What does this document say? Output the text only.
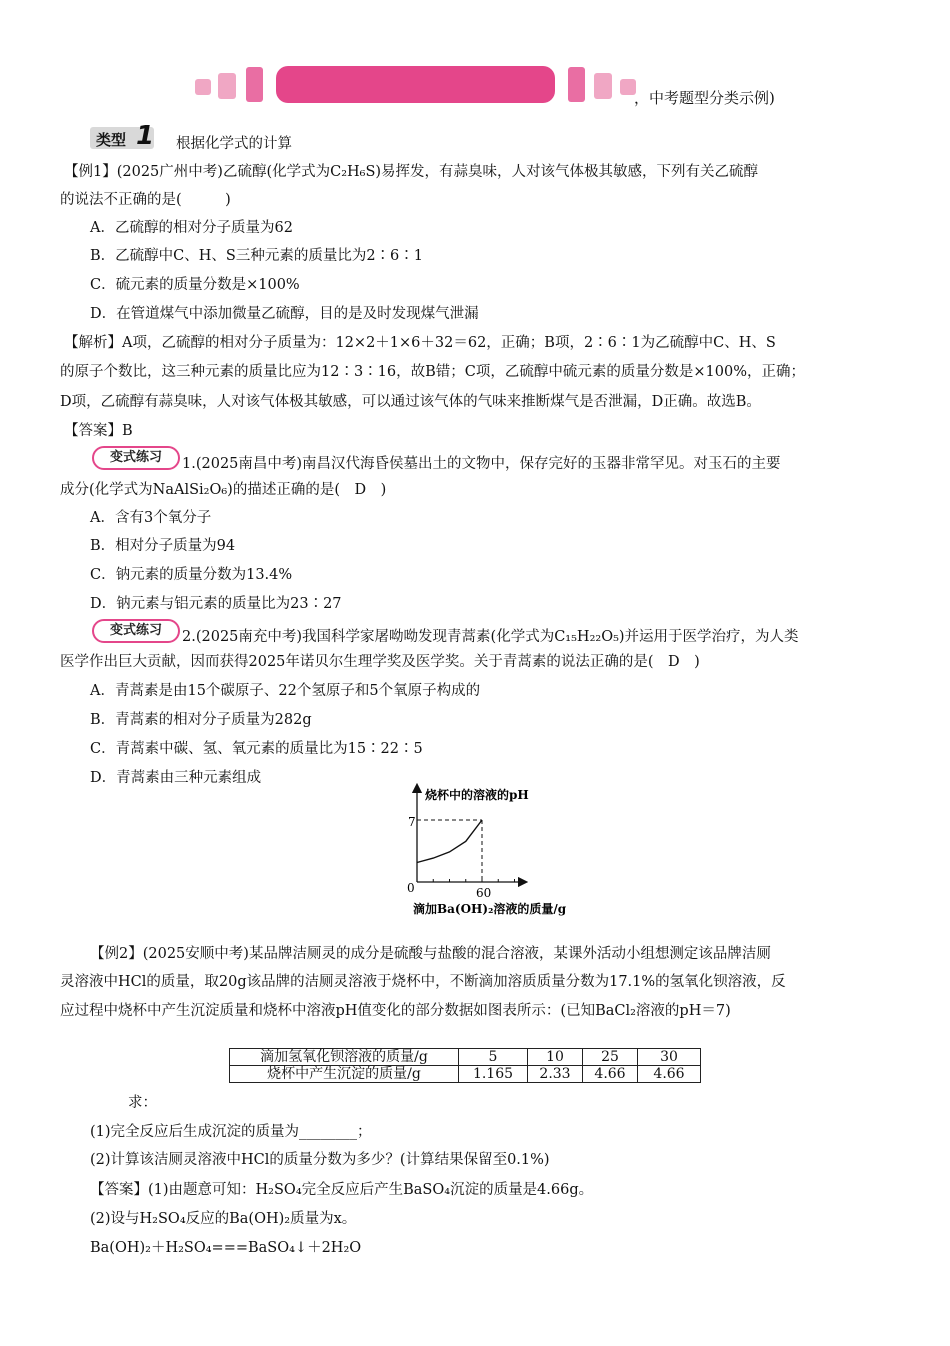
，中考题型分类示例)
类型 1 根据化学式的计算
【例1】(2025广州中考)乙硫醇(化学式为C₂H₆S)易挥发，有蒜臭味，人对该气体极其敏感，下列有关乙硫醇
的说法不正确的是(　　　)
A．乙硫醇的相对分子质量为62
B．乙硫醇中C、H、S三种元素的质量比为2∶6∶1
C．硫元素的质量分数是×100%
D．在管道煤气中添加微量乙硫醇，目的是及时发现煤气泄漏
【解析】A项，乙硫醇的相对分子质量为：12×2＋1×6＋32＝62，正确；B项，2∶6∶1为乙硫醇中C、H、S
的原子个数比，这三种元素的质量比应为12∶3∶16，故B错；C项，乙硫醇中硫元素的质量分数是×100%，正确；
D项，乙硫醇有蒜臭味，人对该气体极其敏感，可以通过该气体的气味来推断煤气是否泄漏，D正确。故选B。
【答案】B
变式练习	1.(2025南昌中考)南昌汉代海昏侯墓出土的文物中，保存完好的玉器非常罕见。对玉石的主要
成分(化学式为NaAlSi₂O₆)的描述正确的是(　D　)
A．含有3个氧分子
B．相对分子质量为94
C．钠元素的质量分数为13.4%
D．钠元素与铝元素的质量比为23∶27
变式练习	2.(2025南充中考)我国科学家屠呦呦发现青蒿素(化学式为C₁₅H₂₂O₅)并运用于医学治疗，为人类
医学作出巨大贡献，因而获得2025年诺贝尔生理学奖及医学奖。关于青蒿素的说法正确的是(　D　)
A．青蒿素是由15个碳原子、22个氢原子和5个氧原子构成的
B．青蒿素的相对分子质量为282g
C．青蒿素中碳、氢、氧元素的质量比为15∶22∶5
D．青蒿素由三种元素组成
烧杯中的溶液的pH
7
0	60
滴加Ba(OH)₂溶液的质量/g
【例2】(2025安顺中考)某品牌洁厕灵的成分是硫酸与盐酸的混合溶液，某课外活动小组想测定该品牌洁厕
灵溶液中HCl的质量，取20g该品牌的洁厕灵溶液于烧杯中，不断滴加溶质质量分数为17.1%的氢氧化钡溶液，反
应过程中烧杯中产生沉淀质量和烧杯中溶液pH值变化的部分数据如图表所示：(已知BaCl₂溶液的pH＝7)
滴加氢氧化钡溶液的质量/g	5	10	25	30
烧杯中产生沉淀的质量/g	1.165	2.33	4.66	4.66
求：
(1)完全反应后生成沉淀的质量为________；
(2)计算该洁厕灵溶液中HCl的质量分数为多少？(计算结果保留至0.1%)
【答案】(1)由题意可知：H₂SO₄完全反应后产生BaSO₄沉淀的质量是4.66g。
(2)设与H₂SO₄反应的Ba(OH)₂质量为x。
Ba(OH)₂＋H₂SO₄===BaSO₄↓＋2H₂O
